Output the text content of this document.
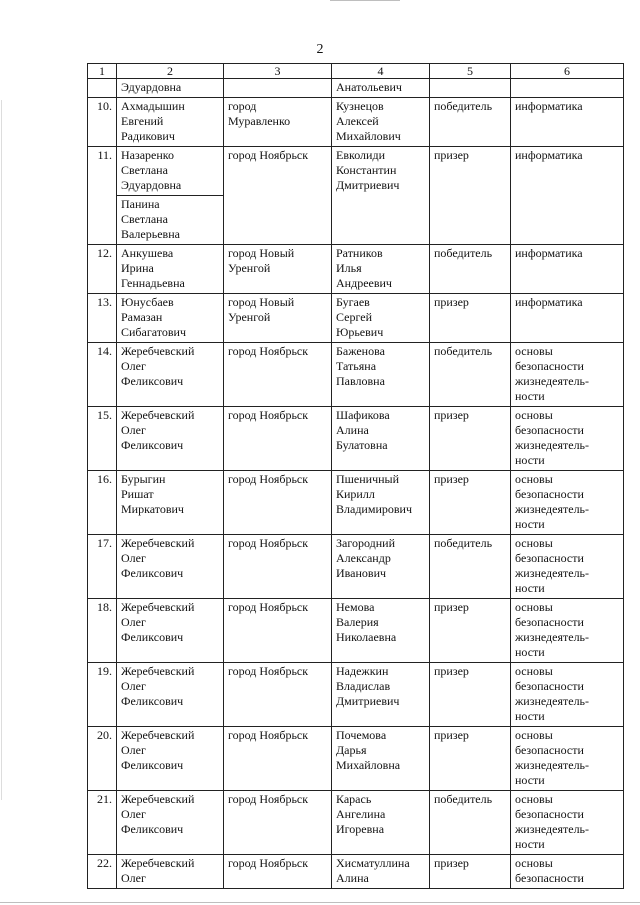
2
1	2	3	4	5	6
	Эдуардовна		Анатольевич		
10.	Ахмадышин
Евгений
Радикович	город
Муравленко	Кузнецов
Алексей
Михайлович	победитель	информатика
11.	Назаренко
Светлана
Эдуардовна	город Ноябрьск	Евколиди
Константин
Дмитриевич	призер	информатика
	Панина
Светлана
Валерьевна				
12.	Анкушева
Ирина
Геннадьевна	город Новый
Уренгой	Ратников
Илья
Андреевич	победитель	информатика
13.	Юнусбаев
Рамазан
Сибагатович	город Новый
Уренгой	Бугаев
Сергей
Юрьевич	призер	информатика
14.	Жеребчевский
Олег
Феликсович	город Ноябрьск	Баженова
Татьяна
Павловна	победитель	основы
безопасности
жизнедеятель-
ности
15.	Жеребчевский
Олег
Феликсович	город Ноябрьск	Шафикова
Алина
Булатовна	призер	основы
безопасности
жизнедеятель-
ности
16.	Бурыгин
Ришат
Миркатович	город Ноябрьск	Пшеничный
Кирилл
Владимирович	призер	основы
безопасности
жизнедеятель-
ности
17.	Жеребчевский
Олег
Феликсович	город Ноябрьск	Загородний
Александр
Иванович	победитель	основы
безопасности
жизнедеятель-
ности
18.	Жеребчевский
Олег
Феликсович	город Ноябрьск	Немова
Валерия
Николаевна	призер	основы
безопасности
жизнедеятель-
ности
19.	Жеребчевский
Олег
Феликсович	город Ноябрьск	Надежкин
Владислав
Дмитриевич	призер	основы
безопасности
жизнедеятель-
ности
20.	Жеребчевский
Олег
Феликсович	город Ноябрьск	Почемова
Дарья
Михайловна	призер	основы
безопасности
жизнедеятель-
ности
21.	Жеребчевский
Олег
Феликсович	город Ноябрьск	Карась
Ангелина
Игоревна	победитель	основы
безопасности
жизнедеятель-
ности
22.	Жеребчевский
Олег	город Ноябрьск	Хисматуллина
Алина	призер	основы
безопасности
